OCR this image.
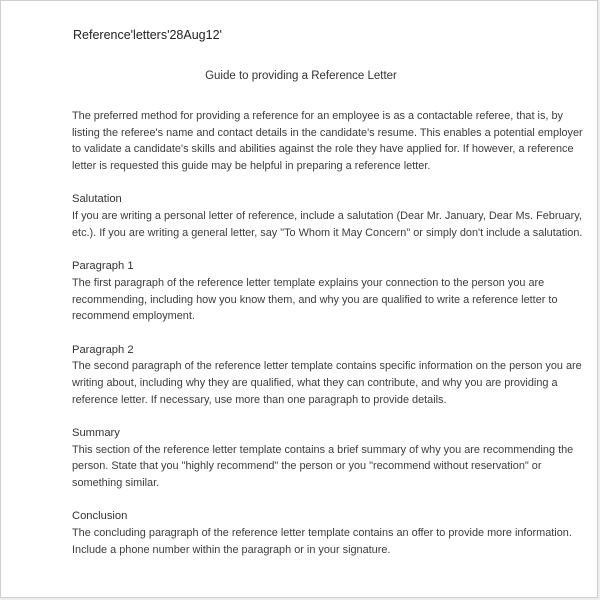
Reference'letters'28Aug12'
Guide to providing a Reference Letter

The preferred method for providing a reference for an employee is as a contactable referee, that is, by listing the referee's name and contact details in the candidate's resume. This enables a potential employer to validate a candidate's skills and abilities against the role they have applied for. If however, a reference letter is requested this guide may be helpful in preparing a reference letter.

Salutation

If you are writing a personal letter of reference, include a salutation (Dear Mr. January, Dear Ms. February, etc.). If you are writing a general letter, say "To Whom it May Concern" or simply don't include a salutation.

Paragraph 1

The first paragraph of the reference letter template explains your connection to the person you are recommending, including how you know them, and why you are qualified to write a reference letter to recommend employment.

Paragraph 2

The second paragraph of the reference letter template contains specific information on the person you are writing about, including why they are qualified, what they can contribute, and why you are providing a reference letter. If necessary, use more than one paragraph to provide details.

Summary

This section of the reference letter template contains a brief summary of why you are recommending the person. State that you "highly recommend" the person or you "recommend without reservation" or something similar.

Conclusion

The concluding paragraph of the reference letter template contains an offer to provide more information. Include a phone number within the paragraph or in your signature.
